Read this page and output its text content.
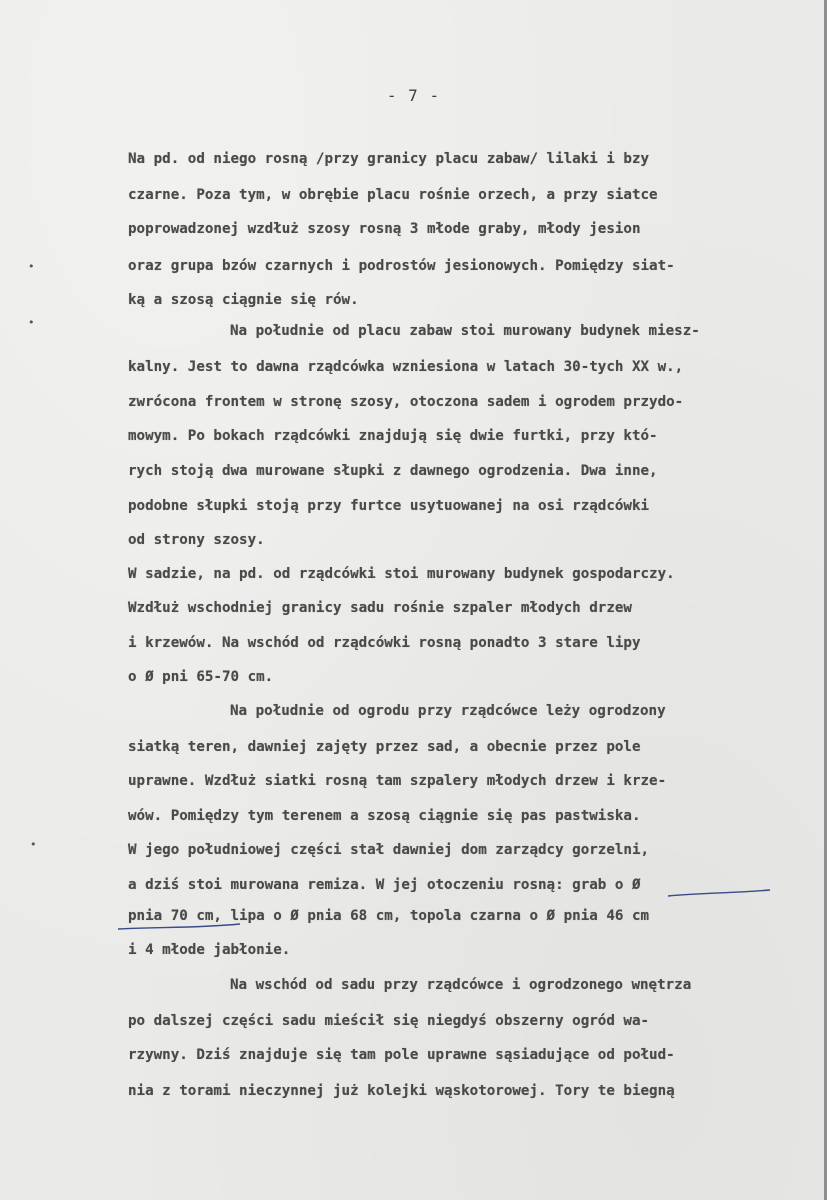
- 7 -
•
•
•
Na pd. od niego rosną /przy granicy placu zabaw/ lilaki i bzy
czarne. Poza tym, w obrębie placu rośnie orzech, a przy siatce
poprowadzonej wzdłuż szosy rosną 3 młode graby, młody jesion
oraz grupa bzów czarnych i podrostów jesionowych. Pomiędzy siat-
ką a szosą ciągnie się rów.
Na południe od placu zabaw stoi murowany budynek miesz-
kalny. Jest to dawna rządcówka wzniesiona w latach 30-tych XX w.,
zwrócona frontem w stronę szosy, otoczona sadem i ogrodem przydo-
mowym. Po bokach rządcówki znajdują się dwie furtki, przy któ-
rych stoją dwa murowane słupki z dawnego ogrodzenia. Dwa inne,
podobne słupki stoją przy furtce usytuowanej na osi rządcówki
od strony szosy.
W sadzie, na pd. od rządcówki stoi murowany budynek gospodarczy.
Wzdłuż wschodniej granicy sadu rośnie szpaler młodych drzew
i krzewów. Na wschód od rządcówki rosną ponadto 3 stare lipy
o Ø pni 65-70 cm.
Na południe od ogrodu przy rządcówce leży ogrodzony
siatką teren, dawniej zajęty przez sad, a obecnie przez pole
uprawne. Wzdłuż siatki rosną tam szpalery młodych drzew i krze-
wów. Pomiędzy tym terenem a szosą ciągnie się pas pastwiska.
W jego południowej części stał dawniej dom zarządcy gorzelni,
a dziś stoi murowana remiza. W jej otoczeniu rosną: grab o Ø
pnia 70 cm, lipa o Ø pnia 68 cm, topola czarna o Ø pnia 46 cm
i 4 młode jabłonie.
Na wschód od sadu przy rządcówce i ogrodzonego wnętrza
po dalszej części sadu mieścił się niegdyś obszerny ogród wa-
rzywny. Dziś znajduje się tam pole uprawne sąsiadujące od połud-
nia z torami nieczynnej już kolejki wąskotorowej. Tory te biegną
